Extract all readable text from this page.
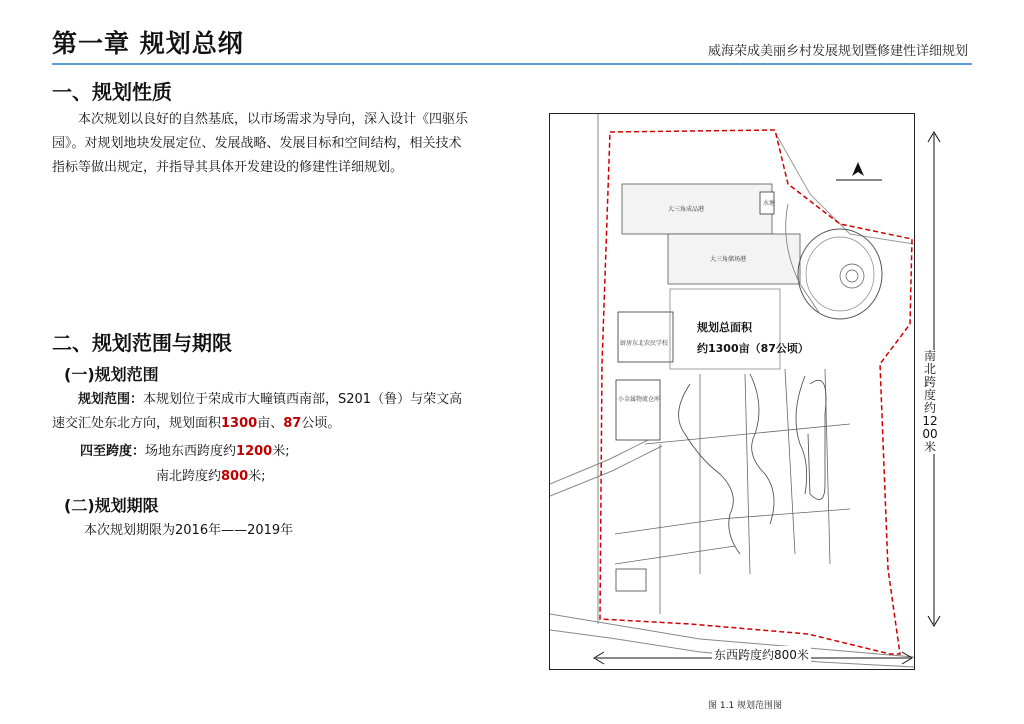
第一章 规划总纲	威海荣成美丽乡村发展规划暨修建性详细规划
一、规划性质
本次规划以良好的自然基底，以市场需求为导向，深入设计《四驱乐园》。对规划地块发展定位、发展战略、发展目标和空间结构，相关技术指标等做出规定，并指导其具体开发建设的修建性详细规划。
二、规划范围与期限
(一)规划范围
规划范围：本规划位于荣成市大疃镇西南部，S201（鲁）与荣文高速交汇处东北方向，规划面积1300亩、87公顷。
四至跨度：场地东西跨度约1200米;
南北跨度约800米;
(二)规划期限
本次规划期限为2016年——2019年
大三角成品港
水塘
大三角储场港
厨房东北农民学校
小金属物流仓库
规划总面积
约1300亩（87公顷）
南北跨度约1200米
东西跨度约800米
图 1.1 规划范围图
